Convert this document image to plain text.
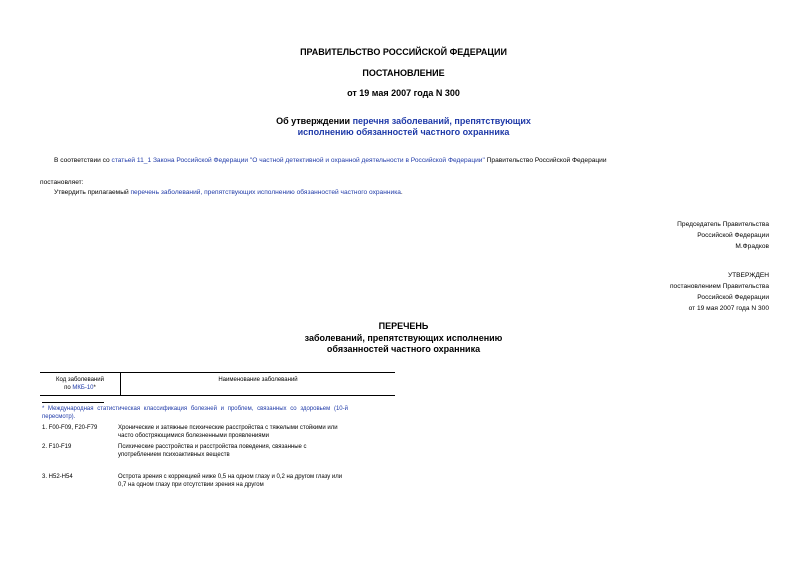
ПРАВИТЕЛЬСТВО РОССИЙСКОЙ ФЕДЕРАЦИИ
ПОСТАНОВЛЕНИЕ
от 19 мая 2007 года N 300
Об утверждении перечня заболеваний, препятствующих
исполнению обязанностей частного охранника
В соответствии со статьей 11_1 Закона Российской Федерации "О частной детективной и охранной деятельности в Российской Федерации" Правительство Российской Федерации
постановляет:
Утвердить прилагаемый перечень заболеваний, препятствующих исполнению обязанностей частного охранника.
Председатель Правительства
Российской Федерации
М.Фрадков
УТВЕРЖДЕН
постановлением Правительства
Российской Федерации
от 19 мая 2007 года N 300
ПЕРЕЧЕНЬ
заболеваний, препятствующих исполнению
обязанностей частного охранника
Код заболеваний
по МКБ-10*
	Наименование заболеваний
* Международная статистическая классификация болезней и проблем, связанных со здоровьем (10-й пересмотр).
1. F00-F09, F20-F79	Хронические и затяжные психические расстройства с тяжелыми стойкими или часто обостряющимися болезненными проявлениями
2. F10-F19	Психические расстройства и расстройства поведения, связанные с употреблением психоактивных веществ
3. H52-H54	Острота зрения с коррекцией ниже 0,5 на одном глазу и 0,2 на другом глазу или 0,7 на одном глазу при отсутствии зрения на другом
